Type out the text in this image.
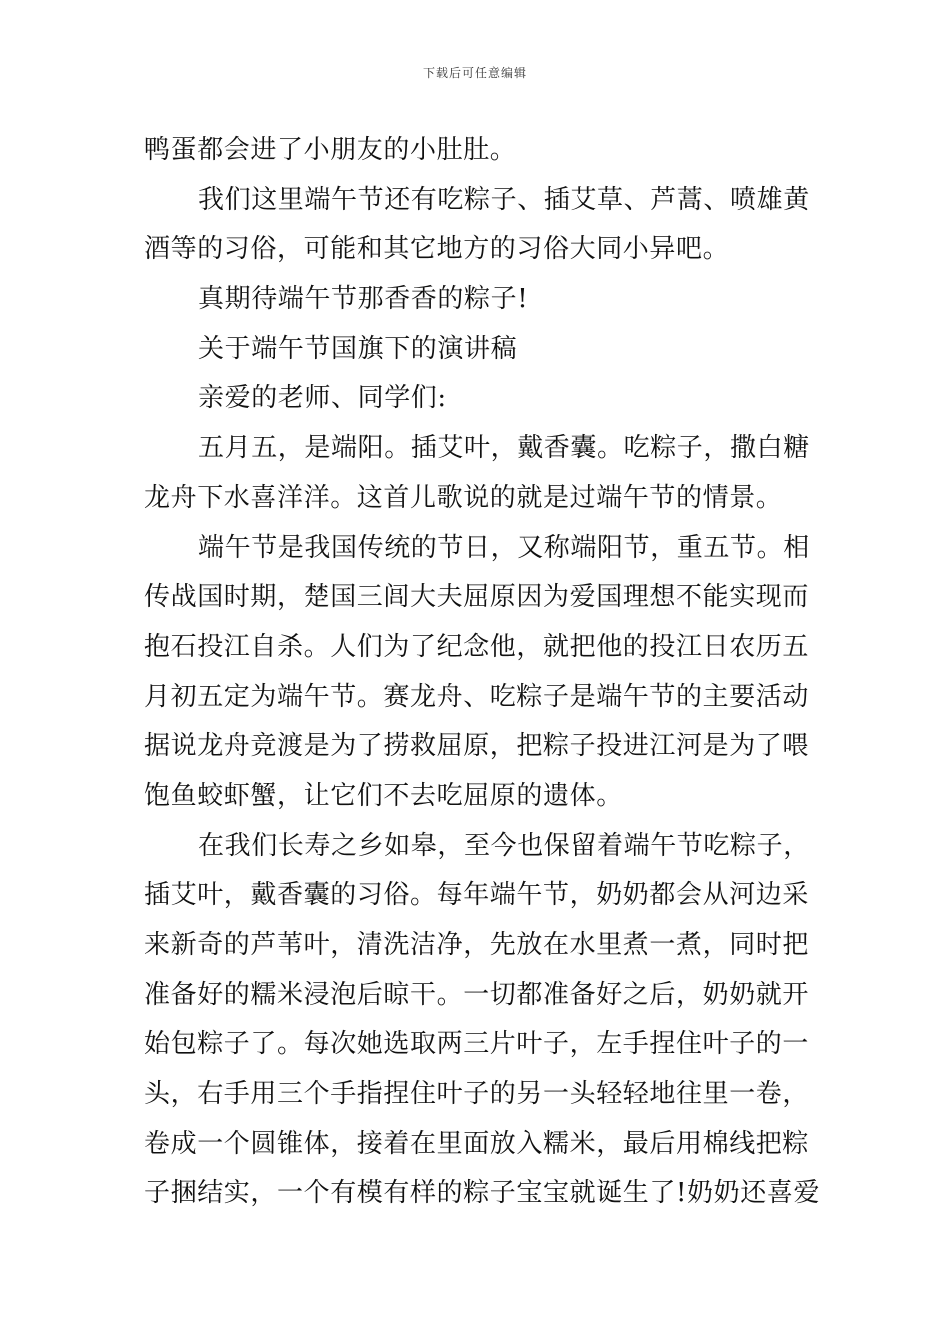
下载后可任意编辑
鸭蛋都会进了小朋友的小肚肚。
我们这里端午节还有吃粽子、插艾草、芦蒿、喷雄黄
酒等的习俗，可能和其它地方的习俗大同小异吧。
真期待端午节那香香的粽子!
关于端午节国旗下的演讲稿
亲爱的老师、同学们:
五月五，是端阳。插艾叶，戴香囊。吃粽子，撒白糖
龙舟下水喜洋洋。这首儿歌说的就是过端午节的情景。
端午节是我国传统的节日，又称端阳节，重五节。相
传战国时期，楚国三闾大夫屈原因为爱国理想不能实现而
抱石投江自杀。人们为了纪念他，就把他的投江日农历五
月初五定为端午节。赛龙舟、吃粽子是端午节的主要活动
据说龙舟竞渡是为了捞救屈原，把粽子投进江河是为了喂
饱鱼蛟虾蟹，让它们不去吃屈原的遗体。
在我们长寿之乡如皋，至今也保留着端午节吃粽子，
插艾叶，戴香囊的习俗。每年端午节，奶奶都会从河边采
来新奇的芦苇叶，清洗洁净，先放在水里煮一煮，同时把
准备好的糯米浸泡后晾干。一切都准备好之后，奶奶就开
始包粽子了。每次她选取两三片叶子，左手捏住叶子的一
头，右手用三个手指捏住叶子的另一头轻轻地往里一卷，
卷成一个圆锥体，接着在里面放入糯米，最后用棉线把粽
子捆结实，一个有模有样的粽子宝宝就诞生了!奶奶还喜爱
